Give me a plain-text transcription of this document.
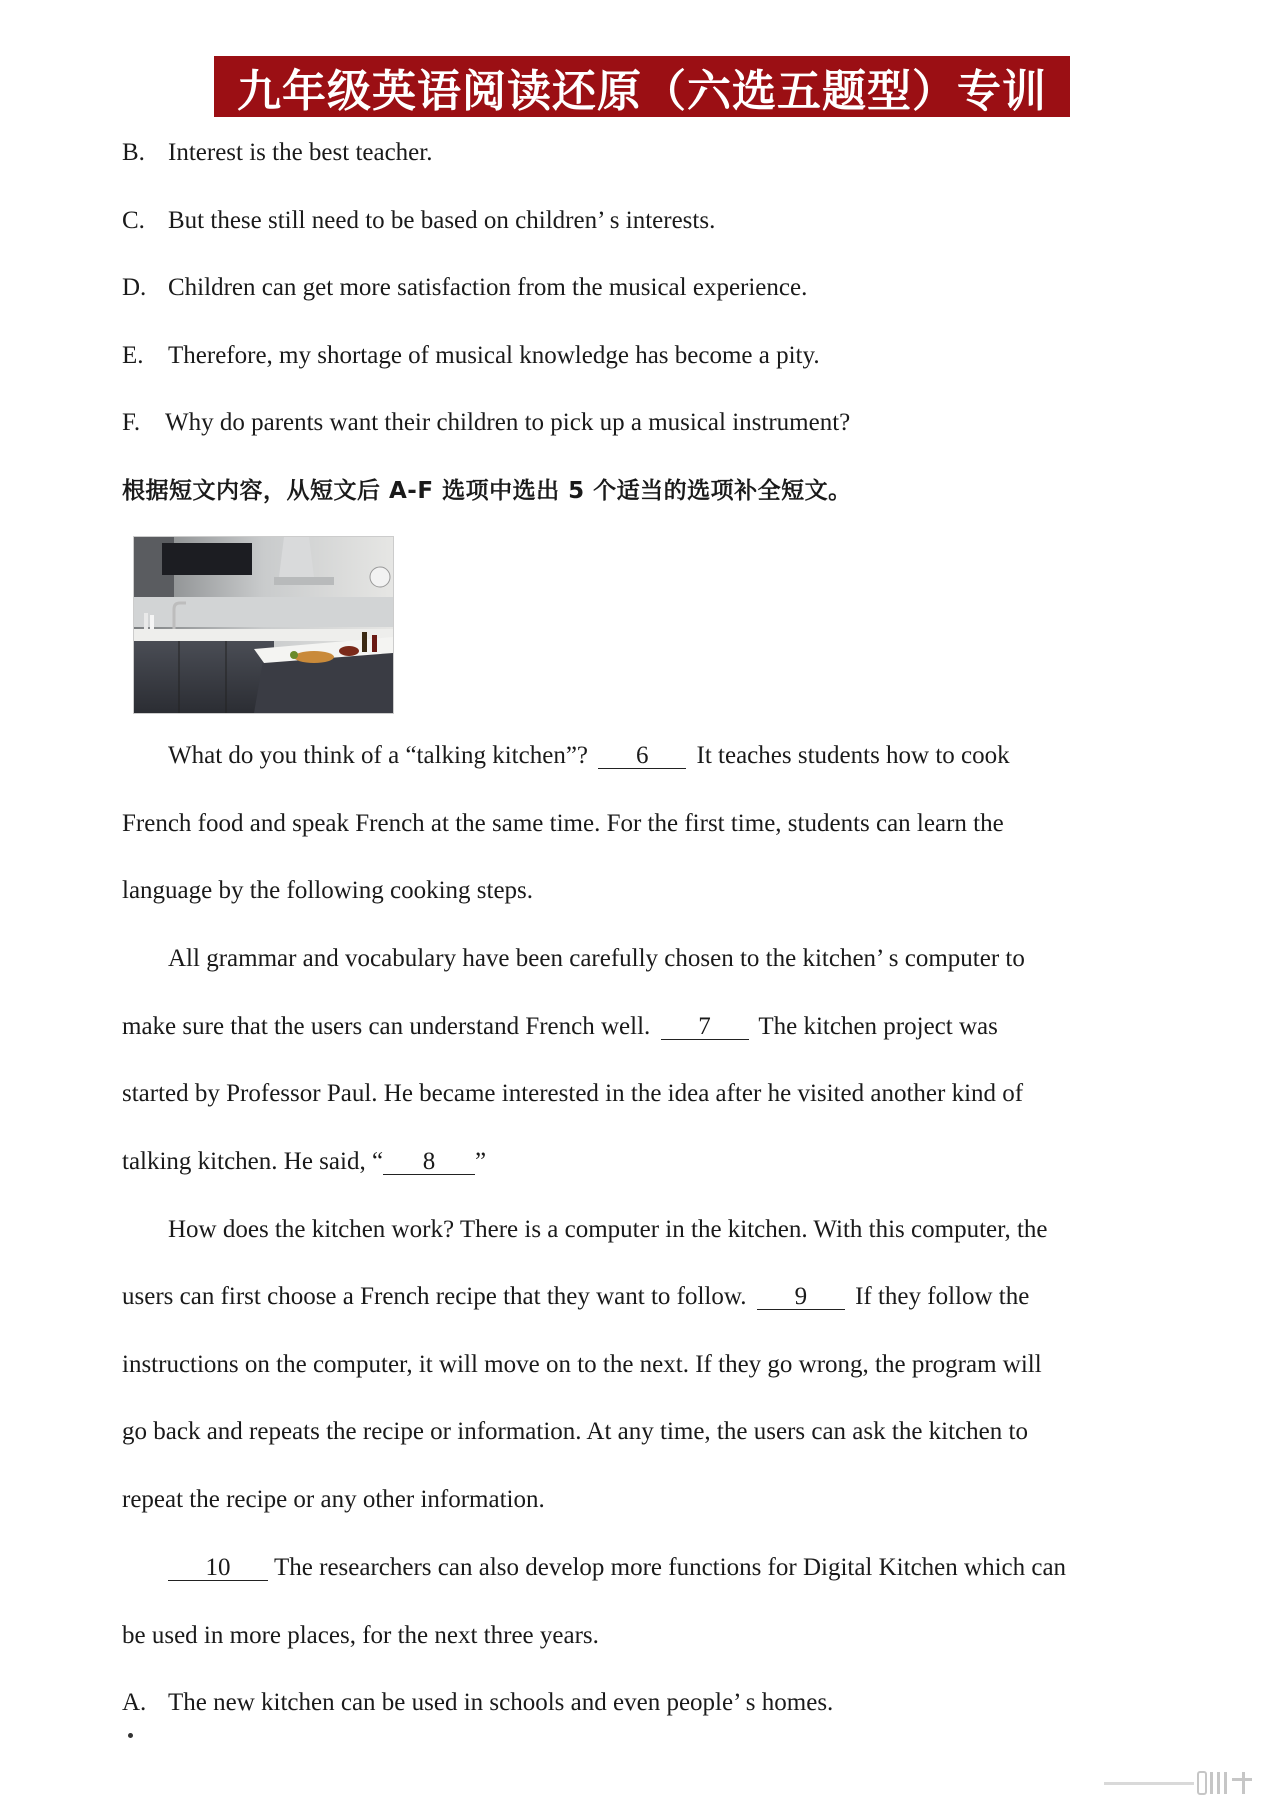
九年级英语阅读还原（六选五题型）专训
B. Interest is the best teacher.
C. But these still need to be based on children’ s interests.
D. Children can get more satisfaction from the musical experience.
E. Therefore, my shortage of musical knowledge has become a pity.
F. Why do parents want their children to pick up a musical instrument?
根据短文内容，从短文后 A-F 选项中选出 5 个适当的选项补全短文。
What do you think of a “talking kitchen”? 6 It teaches students how to cook
French food and speak French at the same time. For the first time, students can learn the
language by the following cooking steps.
All grammar and vocabulary have been carefully chosen to the kitchen’ s computer to
make sure that the users can understand French well. 7 The kitchen project was
started by Professor Paul. He became interested in the idea after he visited another kind of
talking kitchen. He said, “ 8 ”
How does the kitchen work? There is a computer in the kitchen. With this computer, the
users can first choose a French recipe that they want to follow. 9 If they follow the
instructions on the computer, it will move on to the next. If they go wrong, the program will
go back and repeats the recipe or information. At any time, the users can ask the kitchen to
repeat the recipe or any other information.
10 The researchers can also develop more functions for Digital Kitchen which can
be used in more places, for the next three years.
A. The new kitchen can be used in schools and even people’ s homes.
